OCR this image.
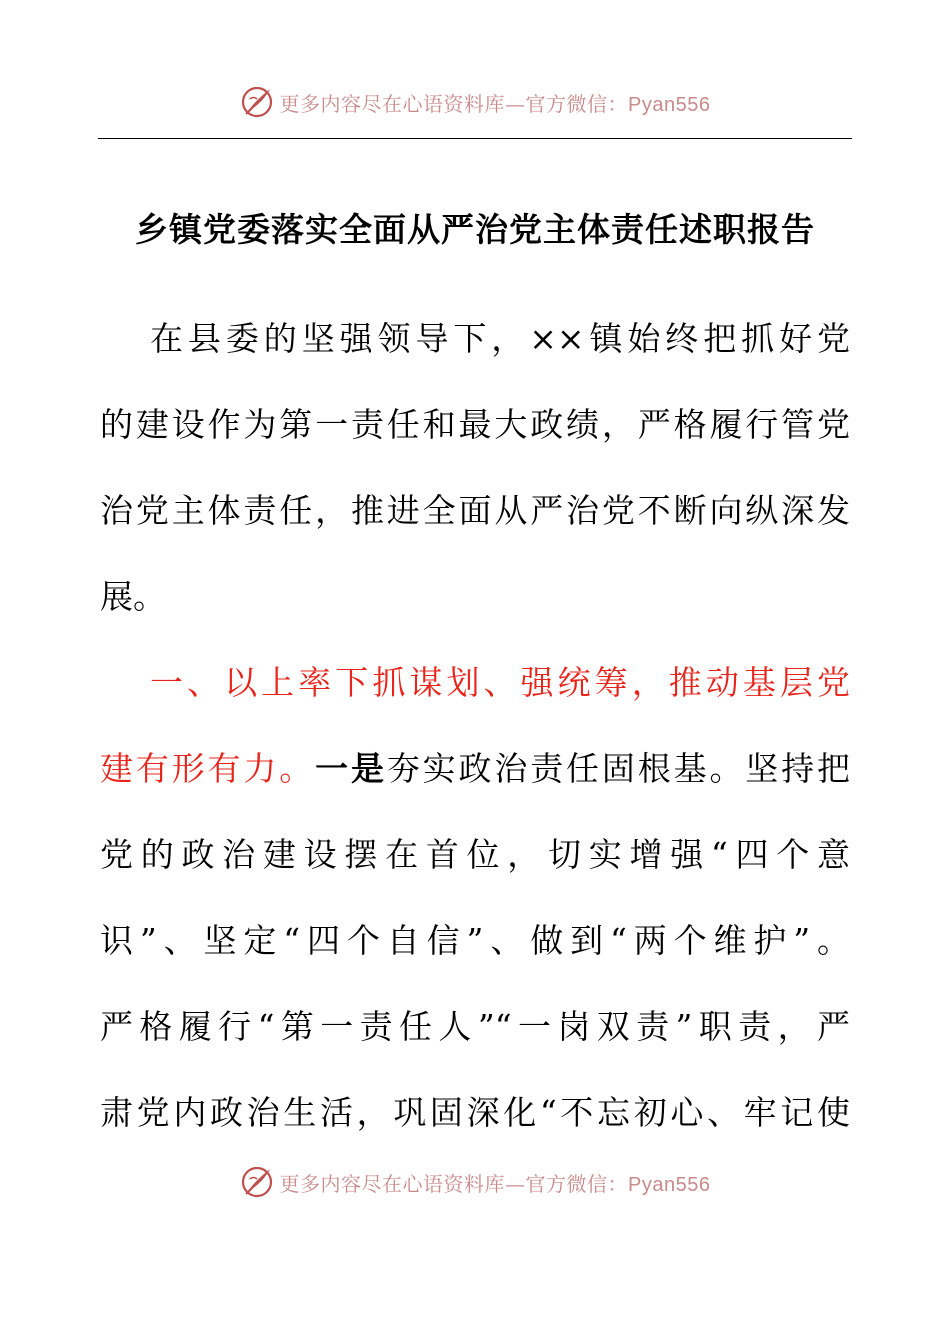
更多内容尽在心语资料库—官方微信：Pyan556
乡镇党委落实全面从严治党主体责任述职报告
在县委的坚强领导下，××镇始终把抓好党
的建设作为第一责任和最大政绩，严格履行管党
治党主体责任，推进全面从严治党不断向纵深发
展。
一、以上率下抓谋划、强统筹，推动基层党
建有形有力。一是夯实政治责任固根基。坚持把
党的政治建设摆在首位，切实增强“四个意
识”、坚定“四个自信”、做到“两个维护”。
严格履行“第一责任人”“一岗双责”职责，严
肃党内政治生活，巩固深化“不忘初心、牢记使
更多内容尽在心语资料库—官方微信：Pyan556
